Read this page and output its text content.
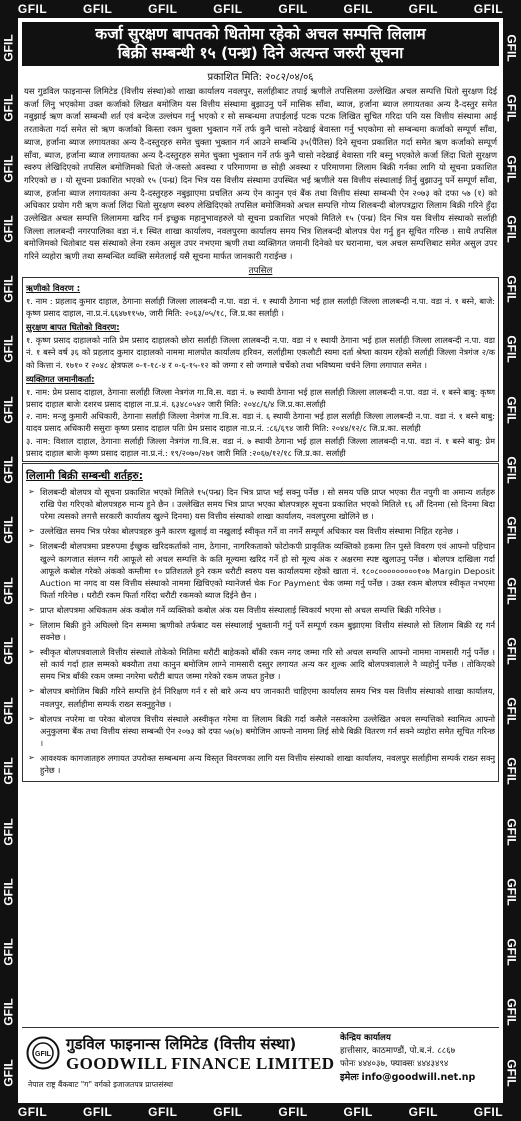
GFIL	GFIL	GFIL	GFIL	GFIL	GFIL	GFIL	GFIL
GFIL
GFIL
GFIL
GFIL
GFIL
GFIL
GFIL
GFIL
GFIL
GFIL
GFIL
GFIL
GFIL
GFIL
GFIL
GFIL
GFIL
GFIL
GFIL
GFIL
GFIL
GFIL
GFIL
GFIL
GFIL
GFIL
GFIL
GFIL
GFIL
GFIL
GFIL
GFIL
GFIL
GFIL
GFIL
GFIL
GFIL	GFIL	GFIL	GFIL	GFIL	GFIL	GFIL	GFIL
कर्जा सुरक्षण बापतको धितोमा रहेको अचल सम्पत्ति लिलाम
बिक्री सम्बन्धी १५ (पन्ध्र) दिने अत्यन्त जरुरी सूचना
प्रकाशित मिति: २०८२/०४/०६
यस गुडविल फाइनान्स लिमिटेड (वित्तीय संस्था)को शाखा कार्यालय नवलपुर, सर्लाहीबाट तपाई ऋणीले तपसिलमा उल्लेखित अचल सम्पत्ति धितो सुरक्षण दिई कर्जा लिनु भएकोमा उक्त कर्जाको लिखत बमोजिम यस वित्तीय संस्थामा बुझाउनु पर्ने मासिक साँवा, ब्याज, हर्जाना ब्याज लगायतका अन्य दै-दस्तुर समेत नबुझाई ऋण कर्जा सम्बन्धी शर्त एवं बन्देज उल्लंघन गर्नु भएको र सो सम्बन्धमा तपाईलाई पटक पटक लिखित सुचित गरिदा पनि यस वित्तीय संस्थामा आई तरताकेता गर्दा समेत सो ऋण कर्जाको किस्ता रकम चुक्ता भुक्तान गर्ने तर्फ कुनै चासो नदेखाई बेवास्ता गर्नु भएकोमा सो सम्बन्धमा कर्जाको सम्पूर्ण साँवा, ब्याज, हर्जाना ब्याज लगायतका अन्य दै-दस्तुरहरु समेत चुक्ता भुक्तान गर्न आउने सम्बन्धि ३५(पैंतिस) दिने सूचना प्रकाशित गर्दा समेत ऋण कर्जाको सम्पूर्ण साँवा, ब्याज, हर्जाना ब्याज लगायतका अन्य दै-दस्तुरहरु समेत चुक्ता भुक्तान गर्ने तर्फ कुनै चासो नदेखाई बेवास्ता गरि बस्नु भएकोले कर्जा लिंदा धितो सुरक्षण स्वरुप लेखिदिएको तपसिल बमोजिमको धितो जे-जस्तो अवस्था र परिमाणमा छ सोही अवस्था र परिमाणमा लिलाम बिक्री गर्नका लागि यो सूचना प्रकाशित गरिएको छ । यो सूचना प्रकाशित भएको १५ (पन्ध्र) दिन भित्र यस वित्तीय संस्थामा उपस्थित भई ऋणीले यस वित्तीय संस्थालाई तिर्नु बुझाउनु पर्ने सम्पूर्ण साँवा, ब्याज, हर्जाना ब्याज लगायतका अन्य दै-दस्तुरहरु नबुझाएमा प्रचलित अन्य ऐन कानुन एवं बैंक तथा वित्तीय संस्था सम्बन्धी ऐन २०७३ को दफा ५७ (१) को अधिकार प्रयोग गरी ऋण कर्जा लिंदा धितो सुरक्षण स्वरुप लेखिदिएको तपसिल बमोजिमको अचल सम्पत्ति गोप्य शिलबन्दी बोलपत्रद्वारा लिलाम बिक्री गरिने हुँदा उल्लेखित अचल सम्पत्ति लिलाममा खरिद गर्न इच्छुक महानुभावहरुले यो सूचना प्रकाशित भएको मितिले १५ (पन्ध्र) दिन भित्र यस वित्तीय संस्थाको सर्लाही जिल्ला लालबन्दी नगरपालिका वडा नं.१ स्थित शाखा कार्यालय, नवलपुरमा कार्यालय समय भित्र शिलबन्दी बोलपत्र पेश गर्नु हुन सूचित गरिन्छ । साथै तपसिल बमोजिमको धितोबाट यस संस्थाको लेना रकम असुल उपर नभएमा ऋणी तथा व्यक्तिगत जमानी दिनेको घर घरानामा, चल अचल सम्पत्तिबाट समेत असुल उपर गरिने व्यहोरा ऋणी तथा सम्बन्धित व्यक्ति समेतलाई यसै सूचना मार्फत जानकारी गराईन्छ ।
तपसिल
ऋणीको विवरण :
१. नाम : प्रहलाद कुमार दाहाल, ठेगानाः सर्लाही जिल्ला लालबन्दी न.पा. वडा नं. १ स्थायी ठेगाना भई हाल सर्लाही जिल्ला लालबन्दी न.पा. वडा नं. १ बस्ने, बाजे: कृष्ण प्रसाद दाहाल, ना.प्र.नं.६६४७११५७, जारी मिति: २०६३/०५/१८, जि.प्र.का सर्लाही ।
सुरक्षण बापत धितोको विवरण:
१. कृष्ण प्रसाद दाहालको नाति प्रेम प्रसाद दाहालको छोरा सर्लाही जिल्ला लालबन्दी न.पा. वडा नं १ स्थायी ठेगाना भई हाल सर्लाही जिल्ला लालबन्दी न.पा. वडा नं. १ बस्ने वर्ष ३६ को प्रहलाद कुमार दाहालको नाममा मालपोत कार्यालय हरिवन, सर्लाहीमा एकलौटी स्यमा दर्ता श्रेष्ता कायम रहेको सर्लाही जिल्ला नेत्रगंज २/क को कित्ता नं. १७१० र २०४८ क्षेत्रफल ०-१-१८-४ र ०-६-१५-१२ को जग्गा र सो जग्गाले चर्चेको तथा भविष्यमा चर्चने लिगा लगापात समेत ।
व्यक्तिगत जमानीकर्ता:
१. नाम: प्रेम प्रसाद दाहाल, ठेगानाः सर्लाही जिल्ला नेत्रगंज गा.वि.स. वडा नं. ७ स्थायी ठेगाना भई हाल सर्लाही जिल्ला लालबन्दी न.पा. वडा नं. १ बस्ने बाबु: कृष्ण प्रसाद दाहाल बाजेः दशरथ प्रसाद दाहाल ना.प्र.नं. ६३४८०५४२ जारी मिति: २०४८/६/४ जि.प्र.का.सर्लाही
२. नाम: मन्जु कुमारी अधिकारी, ठेगानाः सर्लाही जिल्ला नेत्रगंज गा.वि.स. वडा नं. ६ स्थायी ठेगाना भई हाल सर्लाही जिल्ला लालबन्दी न.पा. वडा नं. १ बस्ने बाबु: यादव प्रसाद अधिकारी ससुराः कृष्ण प्रसाद दाहाल पतिः प्रेम प्रसाद दाहाल ना.प्र.नं. :८६/६९४ जारी मिति: २०४४/१२/८ जि.प्र.का. सर्लाही
३. नाम: विशाल दाहाल, ठेगानाः सर्लाही जिल्ला नेत्रगंज गा.वि.स. वडा नं. ७ स्थायी ठेगाना भई हाल सर्लाही जिल्ला लालबन्दी न.पा. वडा नं. १ बस्ने बाबु: प्रेम प्रसाद दाहाल बाजेः कृष्ण प्रसाद दाहाल ना.प्र.नं.: १९/२०७०/२७१ जारी मिति :२०६७/१२/१८ जि.प्र.का. सर्लाही
लिलामी बिक्री सम्बन्धी शर्तहरु:
➢ शिलबन्दी बोलपत्र यो सूचना प्रकाशित भएको मितिले १५(पन्ध्र) दिन भित्र प्राप्त भई सक्नु पर्नेछ । सो समय पछि प्राप्त भएका रीत नपुगी वा अमान्य शर्तहरु राखि पेश गरिएको बोलपत्रहरु मान्य हुने छैन । उल्लेखित समय भित्र प्राप्त भएका बोलपत्रहरु सूचना प्रकाशित भएको मितिले १६ औं दिनमा (सो दिनमा बिदा परेमा त्यसको लगत्तै सरकारी कार्यालय खुल्ने दिनमा) यस वित्तीय संस्थाको शाखा कार्यालय, नवलपुरमा खोलिने छ ।
➢ उल्लेखित समय भित्र परेका बोलपत्रहरु कुनै कारण खुलाई वा नखुलाई स्वीकृत गर्ने वा नगर्ने सम्पूर्ण अधिकार यस वित्तीय संस्थामा निहित रहनेछ ।
➢ शिलबन्दी बोलपत्रमा प्रष्टरुपमा ईच्छुक खरिदकर्ताको नाम, ठेगाना, नागरिकताको फोटोकपी प्राकृतिक व्यक्तिको हकमा तिन पुस्ते विवरण एवं आफ्नो पहिचान खुल्ने कागजात संलग्न गरी आफूले सो अचल सम्पत्ति के कति मूल्यमा खरिद गर्ने हो सो मूल्य अंक र अक्षरमा स्पष्ट खुलाउनु पर्नेछ । बोलपत्र दाखिला गर्दा आफूले कबोल गरेको अंकको कम्तीमा १० प्रतिशतले हुने रकम धरौटी स्वरुप यस कार्यालयमा रहेको खाता नं. १८०८०००००००००१०७ Margin Deposit Auction मा नगद वा यस वित्तीय संस्थाको नाममा खिचिएको म्यानेजर्स चेक For Payment चेक जम्मा गर्नु पर्नेछ । उक्त रकम बोलपत्र स्वीकृत नभएमा फिर्ता गरिनेछ । धरौटी रकम फिर्ता गरिंदा धरौटी रकमको ब्याज दिईने छैन ।
➢ प्राप्त बोलपत्रमा अधिकतम अंक कबोल गर्ने व्यक्तिको कबोल अंक यस वित्तीय संस्थालाई स्विकार्य भएमा सो अचल सम्पत्ति बिक्री गरिनेछ ।
➢ लिलाम बिक्री हुने अघिल्लो दिन सम्ममा ऋणीको तर्फबाट यस संस्थालाई भुक्तानी गर्नु पर्ने सम्पूर्ण रकम बुझाएमा वित्तीय संस्थाले सो लिलाम बिक्री रद्द गर्न सक्नेछ ।
➢ स्वीकृत बोलपत्रवालाले वित्तीय संस्थाले तोकेको मितिमा धरौटी बाहेकको बाँकी रकम नगद जम्मा गरि सो अचल सम्पत्ति आफ्नो नाममा नामसारी गर्नु पर्नेछ । सो कार्य गर्दा हाल सम्मको बक्यौता तथा कानुन बमोजिम लाग्ने नामसारी दस्तुर लगायत अन्य कर शुल्क आदि बोलपत्रवालाले नै व्यहोर्नु पर्नेछ । तोकिएको समय भित्र बाँकी रकम जम्मा नगरेमा धरौटी बापत जम्मा गरेको रकम जफत हुनेछ ।
➢ बोलपत्र बमोजिम बिक्री गरिने सम्पत्ति हेर्न निरिक्षण गर्न र सो बारे अन्य थप जानकारी चाहिएमा कार्यालय समय भित्र यस वित्तीय संस्थाको शाखा कार्यालय, नवलपुर, सर्लाहीमा सम्पर्क राख्न सक्नुहुनेछ ।
➢ बोलपत्र नपरेमा वा परेका बोलपत्र वित्तीय संस्थाले अस्वीकृत गरेमा वा लिलाम बिक्री गर्दा कसैले नसकारेमा उल्लेखित अचल सम्पत्तिको स्वामित्व आफ्नो अनुकुलमा बैंक तथा वित्तीय संस्था सम्बन्धी ऐन २०७३ को दफा ५७(७) बमोजिम आफ्नो नाममा लिई सोधै बिक्री वितरण गर्न सक्ने व्यहोरा समेत सूचित गरिन्छ ।
➢ आवश्यक कागजातहरु लगायत उपरोक्त सम्बन्धमा अन्य विस्तृत विवरणका लागि यस वित्तीय संस्थाको शाखा कार्यालय, नवलपुर सर्लाहीमा सम्पर्क राख्न सक्नु हुनेछ ।
GFIL
गुडविल फाइनान्स लिमिटेड (वित्तीय संस्था)
GOODWILL FINANCE LIMITED
नेपाल राष्ट्र बैंकबाट "ग" वर्गको इजाजतपत्र प्राप्तसंस्था
केन्द्रिय कार्यालय
हात्तीसार, काठमाण्डौं, पो.ब.नं. ८८६७
फोनः ४४४०३७, फ्याक्सः ४४४३४९४
इमेलः info@goodwill.net.np
